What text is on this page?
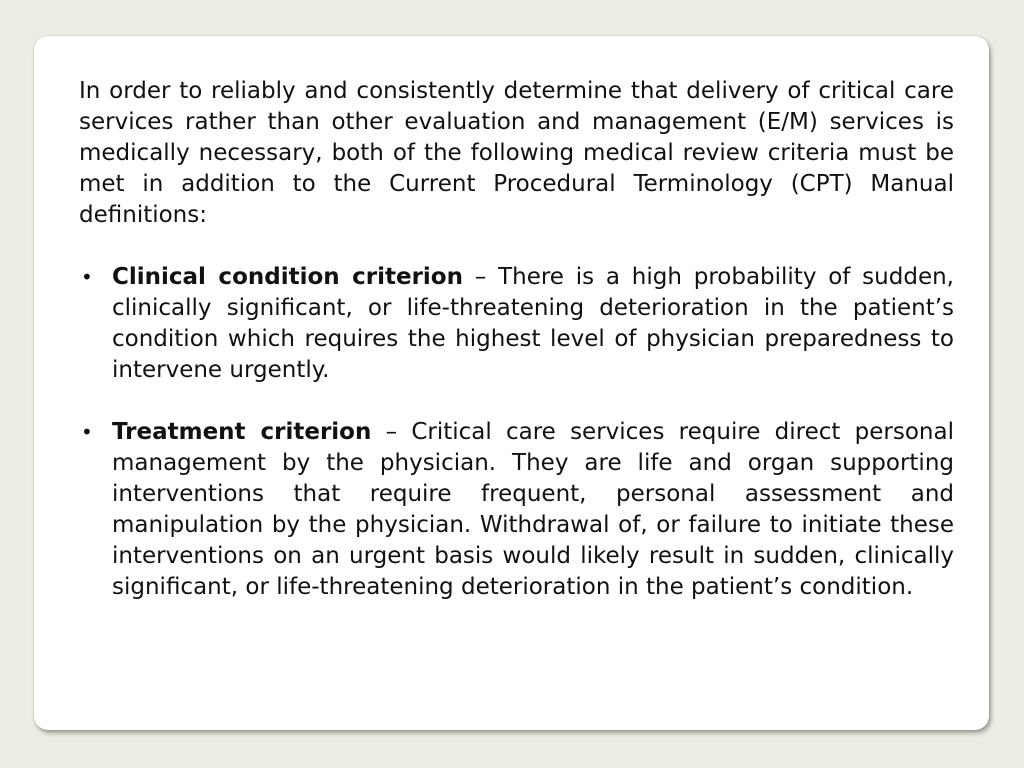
In order to reliably and consistently determine that delivery of critical care services rather than other evaluation and management (E/M) services is medically necessary, both of the following medical review criteria must be met in addition to the Current Procedural Terminology (CPT) Manual definitions:

• Clinical condition criterion – There is a high probability of sudden, clinically significant, or life-threatening deterioration in the patient’s condition which requires the highest level of physician preparedness to intervene urgently.
• Treatment criterion – Critical care services require direct personal management by the physician. They are life and organ supporting interventions that require frequent, personal assessment and manipulation by the physician. Withdrawal of, or failure to initiate these interventions on an urgent basis would likely result in sudden, clinically significant, or life-threatening deterioration in the patient’s condition.
